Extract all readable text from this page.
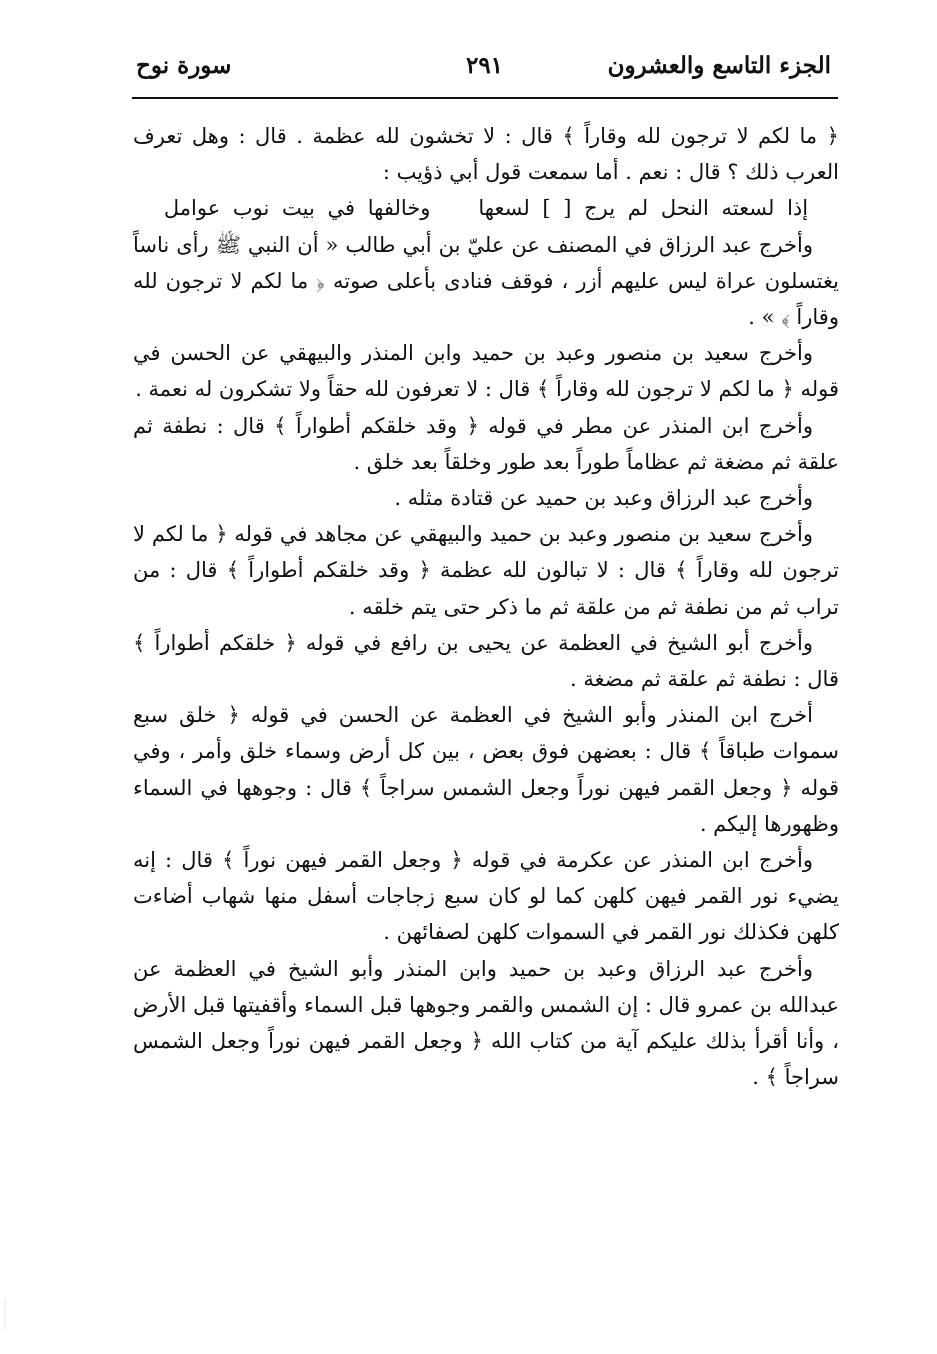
الجزء التاسع والعشرون
٢٩١
سورة نوح

﴿ ما لكم لا ترجون لله وقاراً ﴾ قال : لا تخشون لله عظمة . قال : وهل تعرف العرب ذلك ؟ قال : نعم . أما سمعت قول أبي ذؤيب :

إذا لسعته النحل لم يرج [ ] لسعهاوخالفها في بيت نوب عوامل

وأخرج عبد الرزاق في المصنف عن عليّ بن أبي طالب « أن النبي ﷺ رأى ناساً يغتسلون عراة ليس عليهم أزر ، فوقف فنادى بأعلى صوته ﴿ ما لكم لا ترجون لله وقاراً ﴾ » .

وأخرج سعيد بن منصور وعبد بن حميد وابن المنذر والبيهقي عن الحسن في قوله ﴿ ما لكم لا ترجون لله وقاراً ﴾ قال : لا تعرفون لله حقاً ولا تشكرون له نعمة .

وأخرج ابن المنذر عن مطر في قوله ﴿ وقد خلقكم أطواراً ﴾ قال : نطفة ثم علقة ثم مضغة ثم عظاماً طوراً بعد طور وخلقاً بعد خلق .

وأخرج عبد الرزاق وعبد بن حميد عن قتادة مثله .

وأخرج سعيد بن منصور وعبد بن حميد والبيهقي عن مجاهد في قوله ﴿ ما لكم لا ترجون لله وقاراً ﴾ قال : لا تبالون لله عظمة ﴿ وقد خلقكم أطواراً ﴾ قال : من تراب ثم من نطفة ثم من علقة ثم ما ذكر حتى يتم خلقه .

وأخرج أبو الشيخ في العظمة عن يحيى بن رافع في قوله ﴿ خلقكم أطواراً ﴾ قال : نطفة ثم علقة ثم مضغة .

أخرج ابن المنذر وأبو الشيخ في العظمة عن الحسن في قوله ﴿ خلق سبع سموات طباقاً ﴾ قال : بعضهن فوق بعض ، بين كل أرض وسماء خلق وأمر ، وفي قوله ﴿ وجعل القمر فيهن نوراً وجعل الشمس سراجاً ﴾ قال : وجوهها في السماء وظهورها إليكم .

وأخرج ابن المنذر عن عكرمة في قوله ﴿ وجعل القمر فيهن نوراً ﴾ قال : إنه يضيء نور القمر فيهن كلهن كما لو كان سبع زجاجات أسفل منها شهاب أضاءت كلهن فكذلك نور القمر في السموات كلهن لصفائهن .

وأخرج عبد الرزاق وعبد بن حميد وابن المنذر وأبو الشيخ في العظمة عن عبدالله بن عمرو قال : إن الشمس والقمر وجوهها قبل السماء وأقفيتها قبل الأرض ، وأنا أقرأ بذلك عليكم آية من كتاب الله ﴿ وجعل القمر فيهن نوراً وجعل الشمس سراجاً ﴾ .
